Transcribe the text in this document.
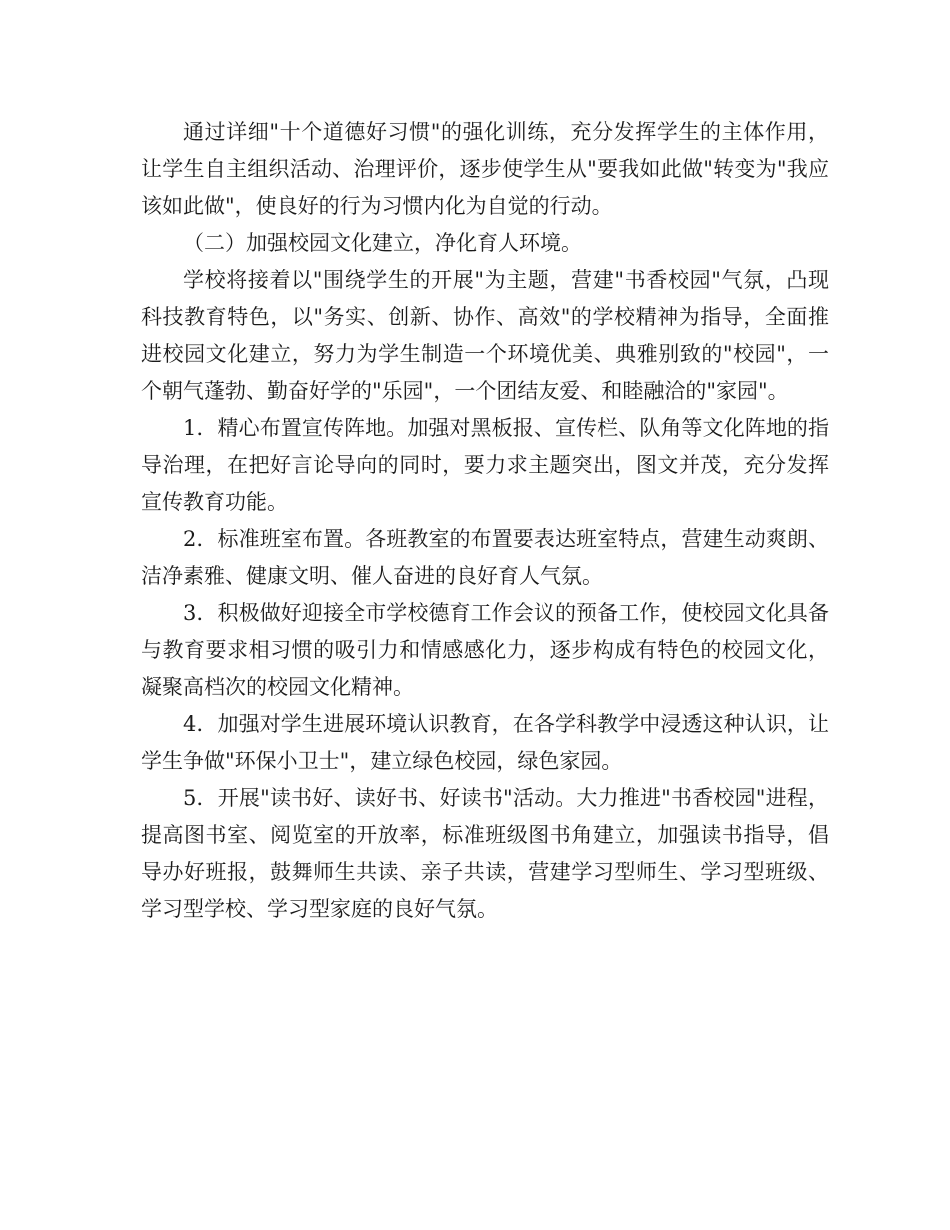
通过详细"十个道德好习惯"的强化训练，充分发挥学生的主体作用，让学生自主组织活动、治理评价，逐步使学生从"要我如此做"转变为"我应该如此做"，使良好的行为习惯内化为自觉的行动。

（二）加强校园文化建立，净化育人环境。

学校将接着以"围绕学生的开展"为主题，营建"书香校园"气氛，凸现科技教育特色，以"务实、创新、协作、高效"的学校精神为指导，全面推进校园文化建立，努力为学生制造一个环境优美、典雅别致的"校园"，一个朝气蓬勃、勤奋好学的"乐园"，一个团结友爱、和睦融洽的"家园"。

1．精心布置宣传阵地。加强对黑板报、宣传栏、队角等文化阵地的指导治理，在把好言论导向的同时，要力求主题突出，图文并茂，充分发挥宣传教育功能。

2．标准班室布置。各班教室的布置要表达班室特点，营建生动爽朗、洁净素雅、健康文明、催人奋进的良好育人气氛。

3．积极做好迎接全市学校德育工作会议的预备工作，使校园文化具备与教育要求相习惯的吸引力和情感感化力，逐步构成有特色的校园文化，凝聚高档次的校园文化精神。

4．加强对学生进展环境认识教育，在各学科教学中浸透这种认识，让学生争做"环保小卫士"，建立绿色校园，绿色家园。

5．开展"读书好、读好书、好读书"活动。大力推进"书香校园"进程，提高图书室、阅览室的开放率，标准班级图书角建立，加强读书指导，倡导办好班报，鼓舞师生共读、亲子共读，营建学习型师生、学习型班级、学习型学校、学习型家庭的良好气氛。
